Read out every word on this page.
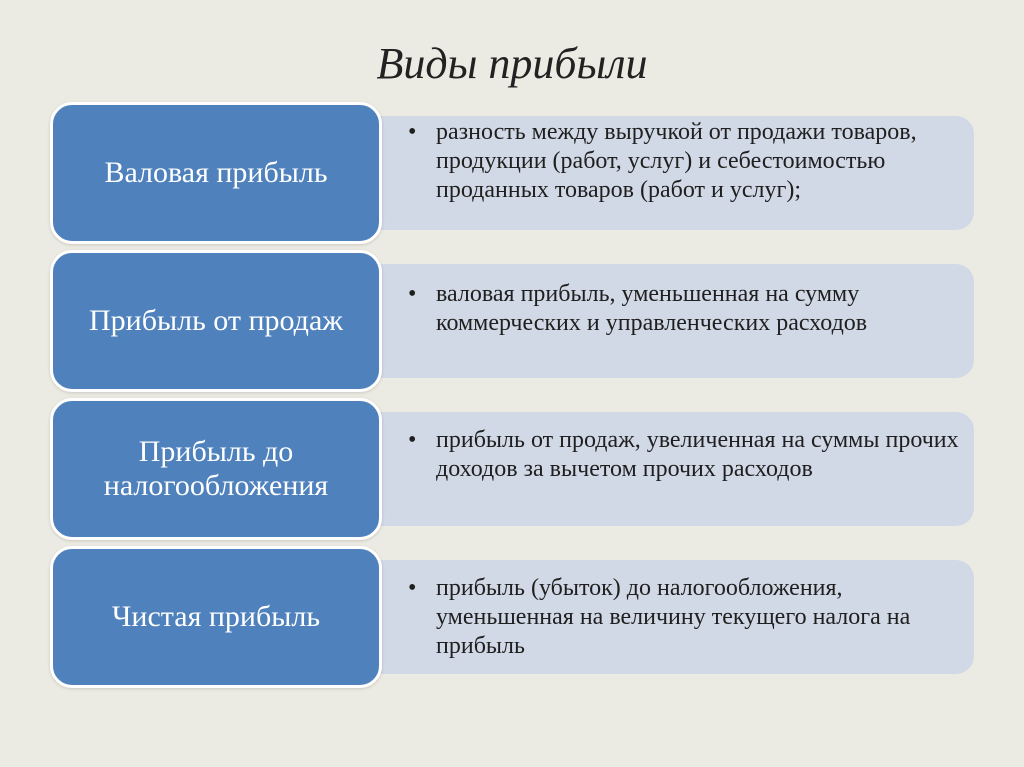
Виды прибыли
• разность между выручкой от продажи товаров, продукции (работ, услуг) и себестоимостью проданных товаров (работ и услуг);
Валовая прибыль
• валовая прибыль, уменьшенная на сумму коммерческих и управленческих расходов
Прибыль от продаж
• прибыль от продаж, увеличенная на суммы прочих доходов за вычетом прочих расходов
Прибыль до налогообложения
• прибыль (убыток) до налогообложения, уменьшенная на величину текущего налога на прибыль
Чистая прибыль
